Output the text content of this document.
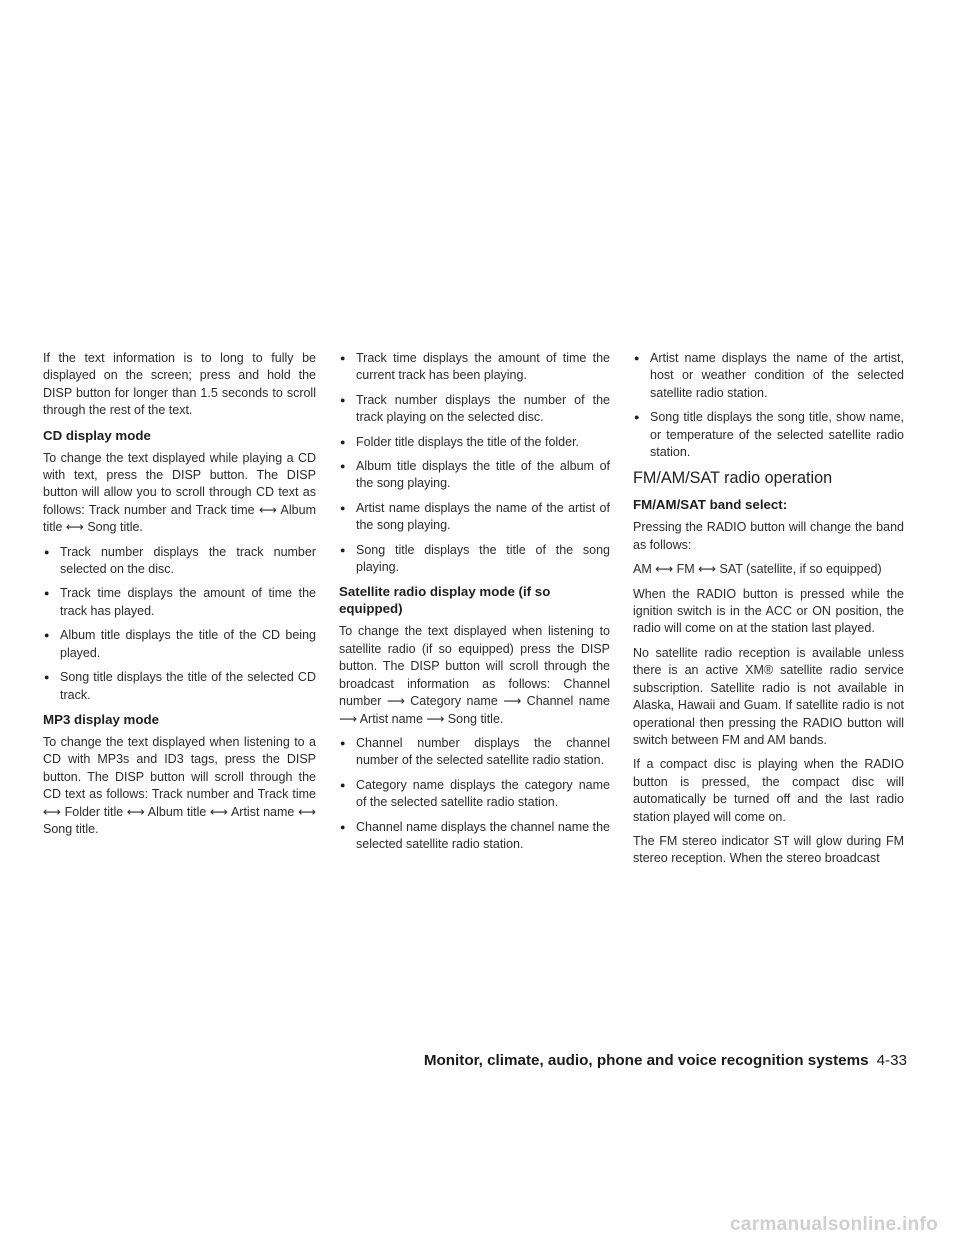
If the text information is to long to fully be displayed on the screen; press and hold the DISP button for longer than 1.5 seconds to scroll through the rest of the text.

CD display mode

To change the text displayed while playing a CD with text, press the DISP button. The DISP button will allow you to scroll through CD text as follows: Track number and Track time ⟷ Album title ⟷ Song title.

● Track number displays the track number selected on the disc.
● Track time displays the amount of time the track has played.
● Album title displays the title of the CD being played.
● Song title displays the title of the selected CD track.
MP3 display mode

To change the text displayed when listening to a CD with MP3s and ID3 tags, press the DISP button. The DISP button will scroll through the CD text as follows: Track number and Track time ⟷ Folder title ⟷ Album title ⟷ Artist name ⟷ Song title.

● Track time displays the amount of time the current track has been playing.
● Track number displays the number of the track playing on the selected disc.
● Folder title displays the title of the folder.
● Album title displays the title of the album of the song playing.
● Artist name displays the name of the artist of the song playing.
● Song title displays the title of the song playing.
Satellite radio display mode (if so equipped)

To change the text displayed when listening to satellite radio (if so equipped) press the DISP button. The DISP button will scroll through the broadcast information as follows: Channel number ⟶ Category name ⟶ Channel name ⟶ Artist name ⟶ Song title.

● Channel number displays the channel number of the selected satellite radio station.
● Category name displays the category name of the selected satellite radio station.
● Channel name displays the channel name the selected satellite radio station.
● Artist name displays the name of the artist, host or weather condition of the selected satellite radio station.
● Song title displays the song title, show name, or temperature of the selected satellite radio station.
FM/AM/SAT radio operation
FM/AM/SAT band select:

Pressing the RADIO button will change the band as follows:

AM ⟷ FM ⟷ SAT (satellite, if so equipped)

When the RADIO button is pressed while the ignition switch is in the ACC or ON position, the radio will come on at the station last played.

No satellite radio reception is available unless there is an active XM® satellite radio service subscription. Satellite radio is not available in Alaska, Hawaii and Guam. If satellite radio is not operational then pressing the RADIO button will switch between FM and AM bands.

If a compact disc is playing when the RADIO button is pressed, the compact disc will automatically be turned off and the last radio station played will come on.

The FM stereo indicator ST will glow during FM stereo reception. When the stereo broadcast

Monitor, climate, audio, phone and voice recognition systems 4-33
carmanualsonline.info
